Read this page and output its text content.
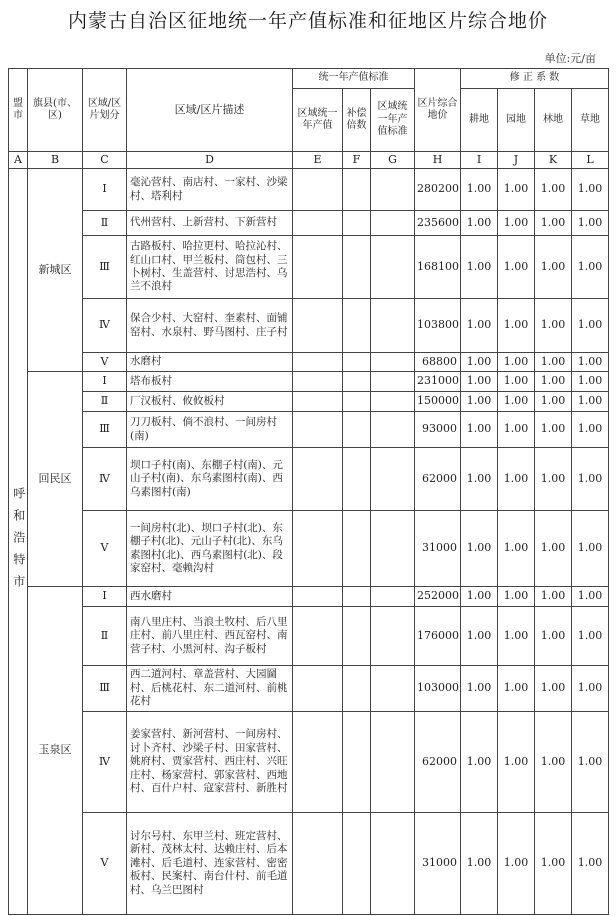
内蒙古自治区征地统一年产值标准和征地区片综合地价
单位:元/亩
盟市	旗县(市、区)	区域/区片划分	区域/区片描述	统一年产值标准			区片综合地价	修 正 系 数			
				区域统一年产值	补偿倍数	区域统一年产值标准		耕地	园地	林地	草地
A	B	C	D	E	F	G	H	I	J	K	L
呼和浩特市	新城区	Ⅰ	毫沁营村、南店村、一家村、沙梁村、塔利村				280200	1.00	1.00	1.00	1.00
		Ⅱ	代州营村、上新营村、下新营村				235600	1.00	1.00	1.00	1.00
		Ⅲ	古路板村、哈拉更村、哈拉沁村、红山口村、甲兰板村、筒包村、三卜树村、生盖营村、讨思浩村、乌兰不浪村				168100	1.00	1.00	1.00	1.00
		Ⅳ	保合少村、大窑村、奎素村、面铺窑村、水泉村、野马图村、庄子村				103800	1.00	1.00	1.00	1.00
		Ⅴ	水磨村				68800	1.00	1.00	1.00	1.00
	回民区	Ⅰ	塔布板村				231000	1.00	1.00	1.00	1.00
		Ⅱ	厂汉板村、攸攸板村				150000	1.00	1.00	1.00	1.00
		Ⅲ	刀刀板村、倘不浪村、一间房村(南)				93000	1.00	1.00	1.00	1.00
		Ⅳ	坝口子村(南)、东棚子村(南)、元山子村(南)、东乌素图村(南)、西乌素图村(南)				62000	1.00	1.00	1.00	1.00
		Ⅴ	一间房村(北)、坝口子村(北)、东棚子村(北)、元山子村(北)、东乌素图村(北)、西乌素图村(北)、段家窑村、毫赖沟村				31000	1.00	1.00	1.00	1.00
	玉泉区	Ⅰ	西水磨村				252000	1.00	1.00	1.00	1.00
		Ⅱ	南八里庄村、当浪土牧村、后八里庄村、前八里庄村、西瓦窑村、南营子村、小黑河村、沟子板村				176000	1.00	1.00	1.00	1.00
		Ⅲ	西二道河村、章盖营村、大园圙村、后桃花村、东二道河村、前桃花村				103000	1.00	1.00	1.00	1.00
		Ⅳ	姜家营村、新河营村、一间房村、讨卜齐村、沙梁子村、田家营村、姚府村、贾家营村、西庄村、兴旺庄村、杨家营村、郭家营村、西地村、百什户村、寇家营村、新胜村				62000	1.00	1.00	1.00	1.00
		Ⅴ	讨尔号村、东甲兰村、班定营村、新村、茂林太村、达赖庄村、后本滩村、后毛道村、连家营村、密密板村、民案村、南台什村、前毛道村、乌兰巴图村				31000	1.00	1.00	1.00	1.00
